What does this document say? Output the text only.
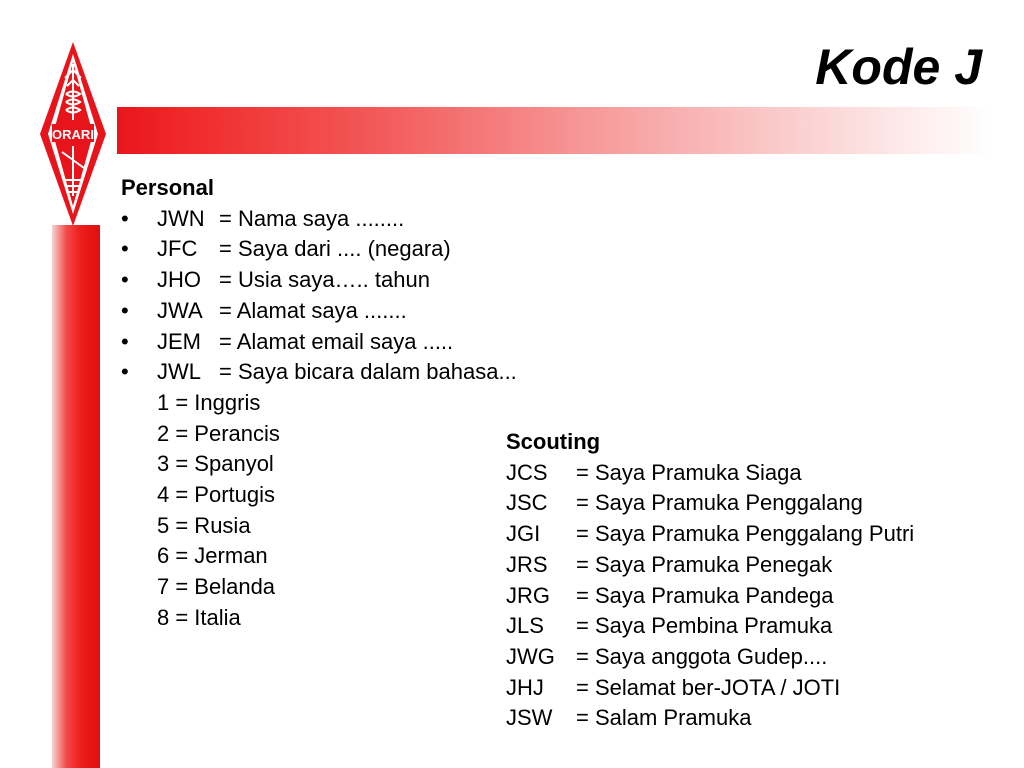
ORARI
Kode J
Personal
•	JWN = Nama saya ........
•	JFC = Saya dari .... (negara)
•	JHO = Usia saya….. tahun
•	JWA = Alamat saya .......
•	JEM = Alamat email saya .....
•	JWL = Saya bicara dalam bahasa...
1 = Inggris
2 = Perancis
3 = Spanyol
4 = Portugis
5 = Rusia
6 = Jerman
7 = Belanda
8 = Italia
Scouting
JCS	= Saya Pramuka Siaga
JSC	= Saya Pramuka Penggalang
JGI	= Saya Pramuka Penggalang Putri
JRS	= Saya Pramuka Penegak
JRG	= Saya Pramuka Pandega
JLS	= Saya Pembina Pramuka
JWG = Saya anggota Gudep....
JHJ	= Selamat ber-JOTA / JOTI
JSW	= Salam Pramuka
